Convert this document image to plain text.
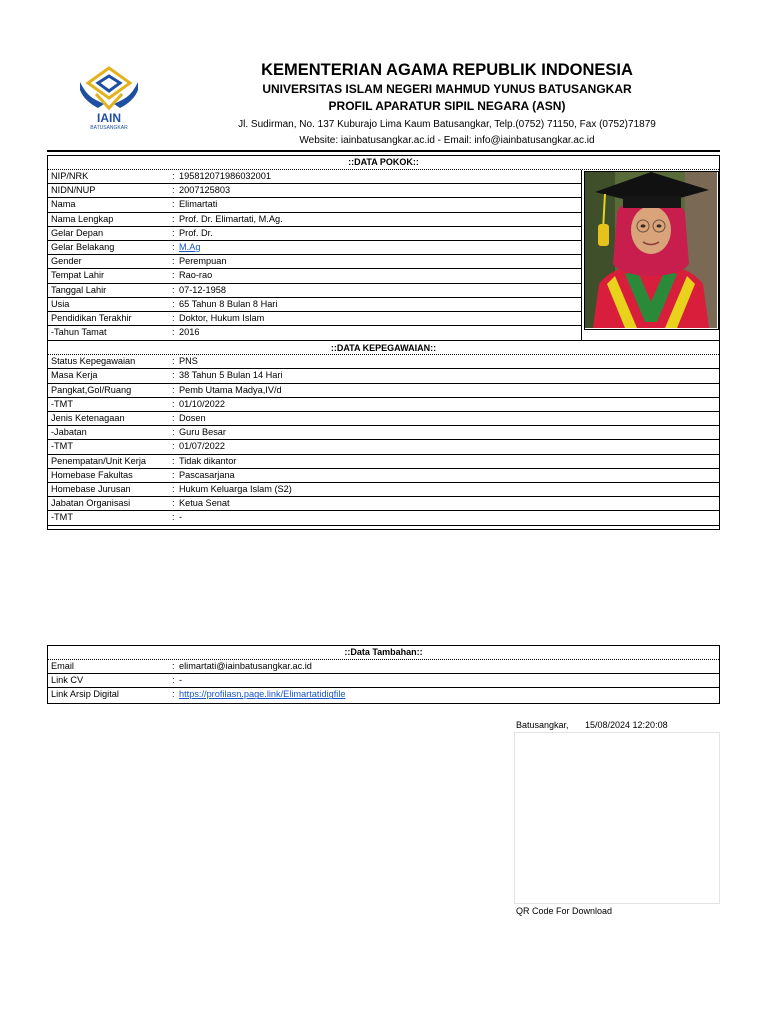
IAIN
BATUSANGKAR
KEMENTERIAN AGAMA REPUBLIK INDONESIA
UNIVERSITAS ISLAM NEGERI MAHMUD YUNUS BATUSANGKAR
PROFIL APARATUR SIPIL NEGARA (ASN)
Jl. Sudirman, No. 137 Kuburajo Lima Kaum Batusangkar, Telp.(0752) 71150, Fax (0752)71879
Website: iainbatusangkar.ac.id - Email: info@iainbatusangkar.ac.id
::DATA POKOK::
NIP/NRK	: 195812071986032001
NIDN/NUP	: 2007125803
Nama	: Elimartati
Nama Lengkap	: Prof. Dr. Elimartati, M.Ag.
Gelar Depan	: Prof. Dr.
Gelar Belakang	: M.Ag
Gender	: Perempuan
Tempat Lahir	: Rao-rao
Tanggal Lahir	: 07-12-1958
Usia	: 65 Tahun 8 Bulan 8 Hari
Pendidikan Terakhir	: Doktor, Hukum Islam
-Tahun Tamat	: 2016
::DATA KEPEGAWAIAN::
Status Kepegawaian	: PNS
Masa Kerja	: 38 Tahun 5 Bulan 14 Hari
Pangkat,Gol/Ruang	: Pemb Utama Madya,IV/d
-TMT	: 01/10/2022
Jenis Ketenagaan	: Dosen
-Jabatan	: Guru Besar
-TMT	: 01/07/2022
Penempatan/Unit Kerja	: Tidak dikantor
Homebase Fakultas	: Pascasarjana
Homebase Jurusan	: Hukum Keluarga Islam (S2)
Jabatan Organisasi	: Ketua Senat
-TMT	: -
::Data Tambahan::
Email	: elimartati@iainbatusangkar.ac.id
Link CV	: -
Link Arsip Digital	: https://profilasn.page.link/Elimartatidigfile
Batusangkar, 15/08/2024 12:20:08
QR Code For Download
